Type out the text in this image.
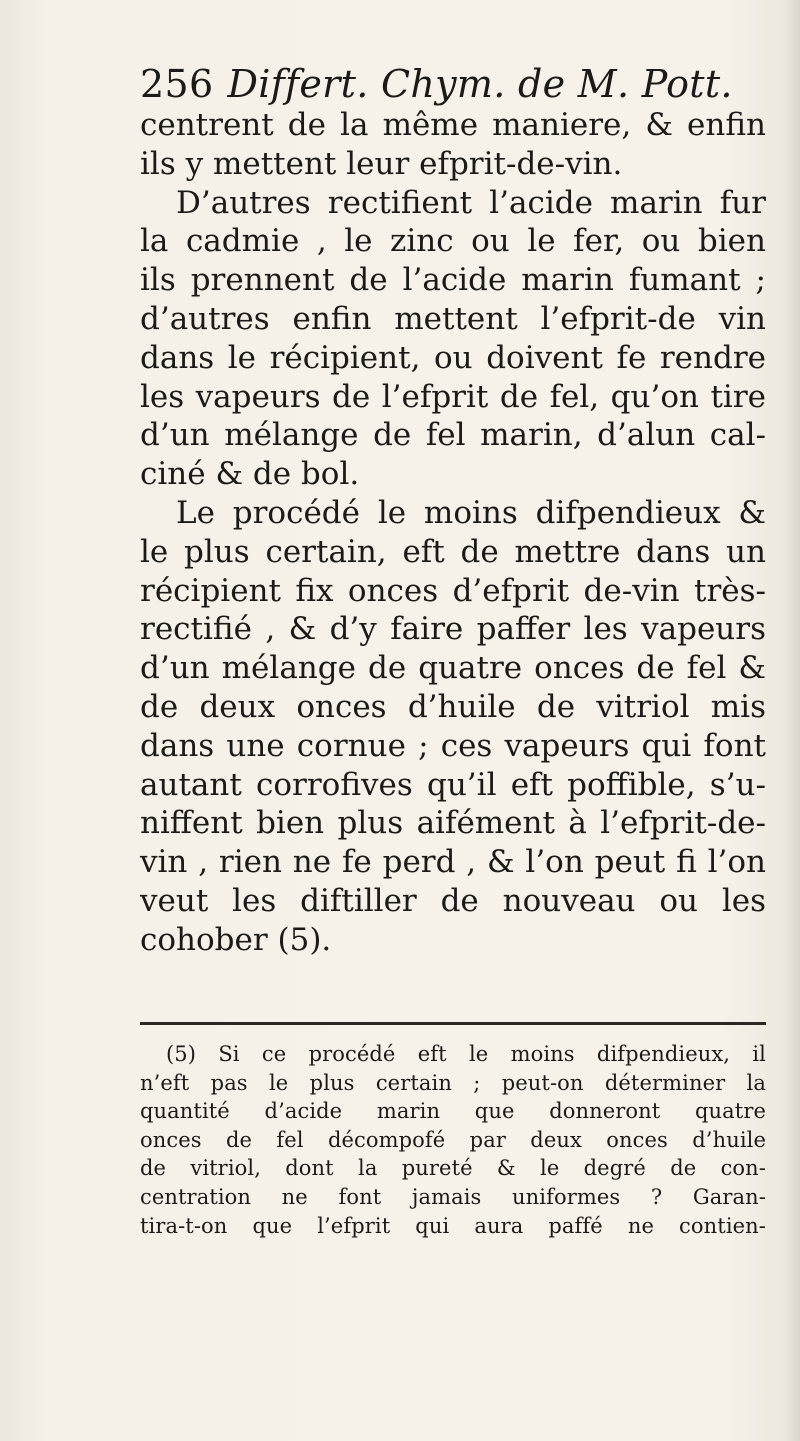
256 Differt. Chym. de M. Pott.
centrent de la même maniere, & enfin
ils y mettent leur efprit-de-vin.
D’autres rectifient l’acide marin fur
la cadmie , le zinc ou le fer, ou bien
ils prennent de l’acide marin fumant ;
d’autres enfin mettent l’efprit-de vin
dans le récipient, ou doivent fe rendre
les vapeurs de l’efprit de fel, qu’on tire
d’un mélange de fel marin, d’alun cal-
ciné & de bol.
Le procédé le moins difpendieux &
le plus certain, eft de mettre dans un
récipient fix onces d’efprit de-vin très-
rectifié , & d’y faire paffer les vapeurs
d’un mélange de quatre onces de fel &
de deux onces d’huile de vitriol mis
dans une cornue ; ces vapeurs qui font
autant corrofives qu’il eft poffible, s’u-
niffent bien plus aifément à l’efprit-de-
vin , rien ne fe perd , & l’on peut fi l’on
veut les diftiller de nouveau ou les
cohober (5).
(5) Si ce procédé eft le moins difpendieux, il
n’eft pas le plus certain ; peut-on déterminer la
quantité d’acide marin que donneront quatre
onces de fel décompofé par deux onces d’huile
de vitriol, dont la pureté & le degré de con-
centration ne font jamais uniformes ? Garan-
tira-t-on que l’efprit qui aura paffé ne contien-
